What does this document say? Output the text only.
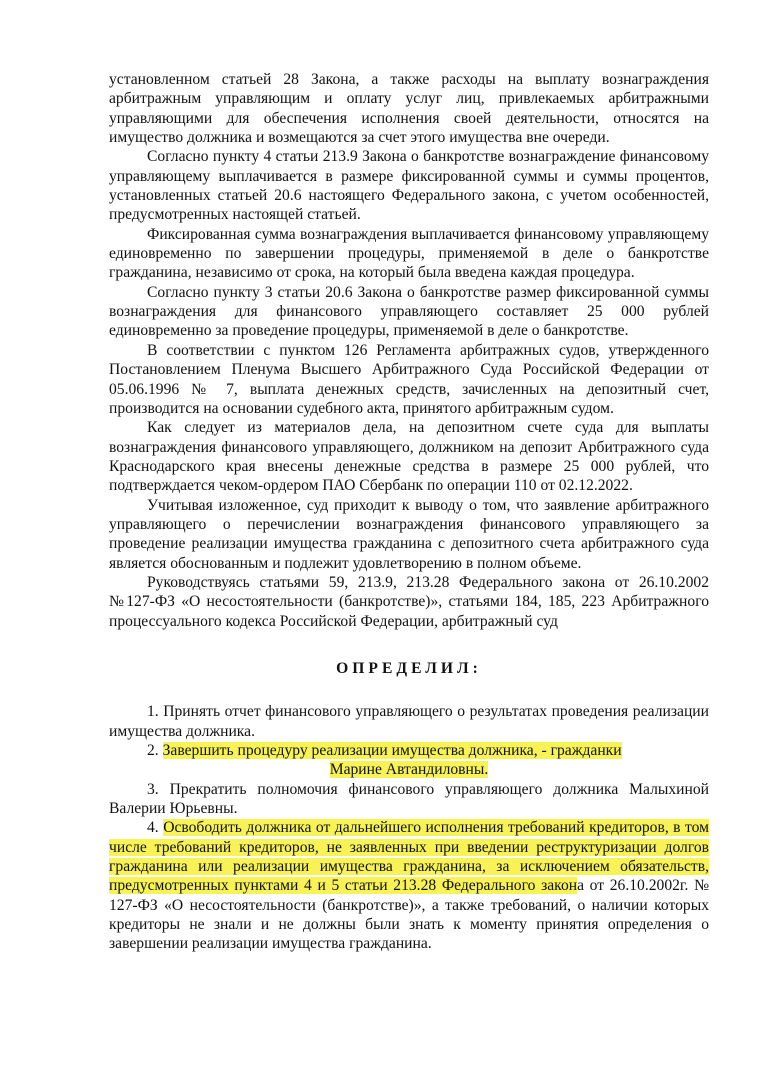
установленном статьей 28 Закона, а также расходы на выплату вознаграждения арбитражным управляющим и оплату услуг лиц, привлекаемых арбитражными управляющими для обеспечения исполнения своей деятельности, относятся на имущество должника и возмещаются за счет этого имущества вне очереди.

Согласно пункту 4 статьи 213.9 Закона о банкротстве вознаграждение финансовому управляющему выплачивается в размере фиксированной суммы и суммы процентов, установленных статьей 20.6 настоящего Федерального закона, с учетом особенностей, предусмотренных настоящей статьей.

Фиксированная сумма вознаграждения выплачивается финансовому управляющему единовременно по завершении процедуры, применяемой в деле о банкротстве гражданина, независимо от срока, на который была введена каждая процедура.

Согласно пункту 3 статьи 20.6 Закона о банкротстве размер фиксированной суммы вознаграждения для финансового управляющего составляет 25 000 рублей единовременно за проведение процедуры, применяемой в деле о банкротстве.

В соответствии с пунктом 126 Регламента арбитражных судов, утвержденного Постановлением Пленума Высшего Арбитражного Суда Российской Федерации от 05.06.1996 № 7, выплата денежных средств, зачисленных на депозитный счет, производится на основании судебного акта, принятого арбитражным судом.

Как следует из материалов дела, на депозитном счете суда для выплаты вознаграждения финансового управляющего, должником на депозит Арбитражного суда Краснодарского края внесены денежные средства в размере 25 000 рублей, что подтверждается чеком-ордером ПАО Сбербанк по операции 110 от 02.12.2022.

Учитывая изложенное, суд приходит к выводу о том, что заявление арбитражного управляющего о перечислении вознаграждения финансового управляющего за проведение реализации имущества гражданина с депозитного счета арбитражного суда является обоснованным и подлежит удовлетворению в полном объеме.

Руководствуясь статьями 59, 213.9, 213.28 Федерального закона от 26.10.2002 №127-ФЗ «О несостоятельности (банкротстве)», статьями 184, 185, 223 Арбитражного процессуального кодекса Российской Федерации, арбитражный суд

ОПРЕДЕЛИЛ:

1. Принять отчет финансового управляющего о результатах проведения реализации имущества должника.

2. Завершить процедуру реализации имущества должника, - гражданки

Марине Автандиловны.

3. Прекратить полномочия финансового управляющего должника Малыхиной Валерии Юрьевны.

4. Освободить должника от дальнейшего исполнения требований кредиторов, в том числе требований кредиторов, не заявленных при введении реструктуризации долгов гражданина или реализации имущества гражданина, за исключением обязательств, предусмотренных пунктами 4 и 5 статьи 213.28 Федерального закона от 26.10.2002г. № 127-ФЗ «О несостоятельности (банкротстве)», а также требований, о наличии которых кредиторы не знали и не должны были знать к моменту принятия определения о завершении реализации имущества гражданина.
